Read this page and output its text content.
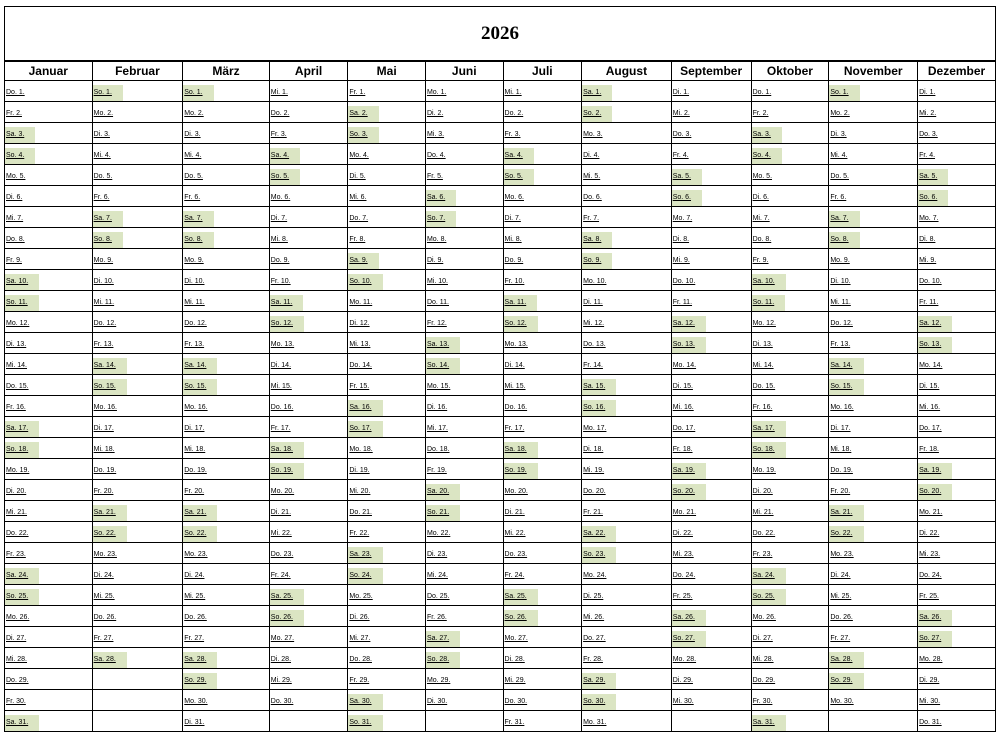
2026
Januar	Februar	März	April	Mai	Juni	Juli	August	September	Oktober	November	Dezember
Do. 1.	So. 1.	So. 1.	Mi. 1.	Fr. 1.	Mo. 1.	Mi. 1.	Sa. 1.	Di. 1.	Do. 1.	So. 1.	Di. 1.
Fr. 2.	Mo. 2.	Mo. 2.	Do. 2.	Sa. 2.	Di. 2.	Do. 2.	So. 2.	Mi. 2.	Fr. 2.	Mo. 2.	Mi. 2.
Sa. 3.	Di. 3.	Di. 3.	Fr. 3.	So. 3.	Mi. 3.	Fr. 3.	Mo. 3.	Do. 3.	Sa. 3.	Di. 3.	Do. 3.
So. 4.	Mi. 4.	Mi. 4.	Sa. 4.	Mo. 4.	Do. 4.	Sa. 4.	Di. 4.	Fr. 4.	So. 4.	Mi. 4.	Fr. 4.
Mo. 5.	Do. 5.	Do. 5.	So. 5.	Di. 5.	Fr. 5.	So. 5.	Mi. 5.	Sa. 5.	Mo. 5.	Do. 5.	Sa. 5.
Di. 6.	Fr. 6.	Fr. 6.	Mo. 6.	Mi. 6.	Sa. 6.	Mo. 6.	Do. 6.	So. 6.	Di. 6.	Fr. 6.	So. 6.
Mi. 7.	Sa. 7.	Sa. 7.	Di. 7.	Do. 7.	So. 7.	Di. 7.	Fr. 7.	Mo. 7.	Mi. 7.	Sa. 7.	Mo. 7.
Do. 8.	So. 8.	So. 8.	Mi. 8.	Fr. 8.	Mo. 8.	Mi. 8.	Sa. 8.	Di. 8.	Do. 8.	So. 8.	Di. 8.
Fr. 9.	Mo. 9.	Mo. 9.	Do. 9.	Sa. 9.	Di. 9.	Do. 9.	So. 9.	Mi. 9.	Fr. 9.	Mo. 9.	Mi. 9.
Sa. 10.	Di. 10.	Di. 10.	Fr. 10.	So. 10.	Mi. 10.	Fr. 10.	Mo. 10.	Do. 10.	Sa. 10.	Di. 10.	Do. 10.
So. 11.	Mi. 11.	Mi. 11.	Sa. 11.	Mo. 11.	Do. 11.	Sa. 11.	Di. 11.	Fr. 11.	So. 11.	Mi. 11.	Fr. 11.
Mo. 12.	Do. 12.	Do. 12.	So. 12.	Di. 12.	Fr. 12.	So. 12.	Mi. 12.	Sa. 12.	Mo. 12.	Do. 12.	Sa. 12.
Di. 13.	Fr. 13.	Fr. 13.	Mo. 13.	Mi. 13.	Sa. 13.	Mo. 13.	Do. 13.	So. 13.	Di. 13.	Fr. 13.	So. 13.
Mi. 14.	Sa. 14.	Sa. 14.	Di. 14.	Do. 14.	So. 14.	Di. 14.	Fr. 14.	Mo. 14.	Mi. 14.	Sa. 14.	Mo. 14.
Do. 15.	So. 15.	So. 15.	Mi. 15.	Fr. 15.	Mo. 15.	Mi. 15.	Sa. 15.	Di. 15.	Do. 15.	So. 15.	Di. 15.
Fr. 16.	Mo. 16.	Mo. 16.	Do. 16.	Sa. 16.	Di. 16.	Do. 16.	So. 16.	Mi. 16.	Fr. 16.	Mo. 16.	Mi. 16.
Sa. 17.	Di. 17.	Di. 17.	Fr. 17.	So. 17.	Mi. 17.	Fr. 17.	Mo. 17.	Do. 17.	Sa. 17.	Di. 17.	Do. 17.
So. 18.	Mi. 18.	Mi. 18.	Sa. 18.	Mo. 18.	Do. 18.	Sa. 18.	Di. 18.	Fr. 18.	So. 18.	Mi. 18.	Fr. 18.
Mo. 19.	Do. 19.	Do. 19.	So. 19.	Di. 19.	Fr. 19.	So. 19.	Mi. 19.	Sa. 19.	Mo. 19.	Do. 19.	Sa. 19.
Di. 20.	Fr. 20.	Fr. 20.	Mo. 20.	Mi. 20.	Sa. 20.	Mo. 20.	Do. 20.	So. 20.	Di. 20.	Fr. 20.	So. 20.
Mi. 21.	Sa. 21.	Sa. 21.	Di. 21.	Do. 21.	So. 21.	Di. 21.	Fr. 21.	Mo. 21.	Mi. 21.	Sa. 21.	Mo. 21.
Do. 22.	So. 22.	So. 22.	Mi. 22.	Fr. 22.	Mo. 22.	Mi. 22.	Sa. 22.	Di. 22.	Do. 22.	So. 22.	Di. 22.
Fr. 23.	Mo. 23.	Mo. 23.	Do. 23.	Sa. 23.	Di. 23.	Do. 23.	So. 23.	Mi. 23.	Fr. 23.	Mo. 23.	Mi. 23.
Sa. 24.	Di. 24.	Di. 24.	Fr. 24.	So. 24.	Mi. 24.	Fr. 24.	Mo. 24.	Do. 24.	Sa. 24.	Di. 24.	Do. 24.
So. 25.	Mi. 25.	Mi. 25.	Sa. 25.	Mo. 25.	Do. 25.	Sa. 25.	Di. 25.	Fr. 25.	So. 25.	Mi. 25.	Fr. 25.
Mo. 26.	Do. 26.	Do. 26.	So. 26.	Di. 26.	Fr. 26.	So. 26.	Mi. 26.	Sa. 26.	Mo. 26.	Do. 26.	Sa. 26.
Di. 27.	Fr. 27.	Fr. 27.	Mo. 27.	Mi. 27.	Sa. 27.	Mo. 27.	Do. 27.	So. 27.	Di. 27.	Fr. 27.	So. 27.
Mi. 28.	Sa. 28.	Sa. 28.	Di. 28.	Do. 28.	So. 28.	Di. 28.	Fr. 28.	Mo. 28.	Mi. 28.	Sa. 28.	Mo. 28.
Do. 29.		So. 29.	Mi. 29.	Fr. 29.	Mo. 29.	Mi. 29.	Sa. 29.	Di. 29.	Do. 29.	So. 29.	Di. 29.
Fr. 30.		Mo. 30.	Do. 30.	Sa. 30.	Di. 30.	Do. 30.	So. 30.	Mi. 30.	Fr. 30.	Mo. 30.	Mi. 30.
Sa. 31.		Di. 31.		So. 31.		Fr. 31.	Mo. 31.		Sa. 31.		Do. 31.
